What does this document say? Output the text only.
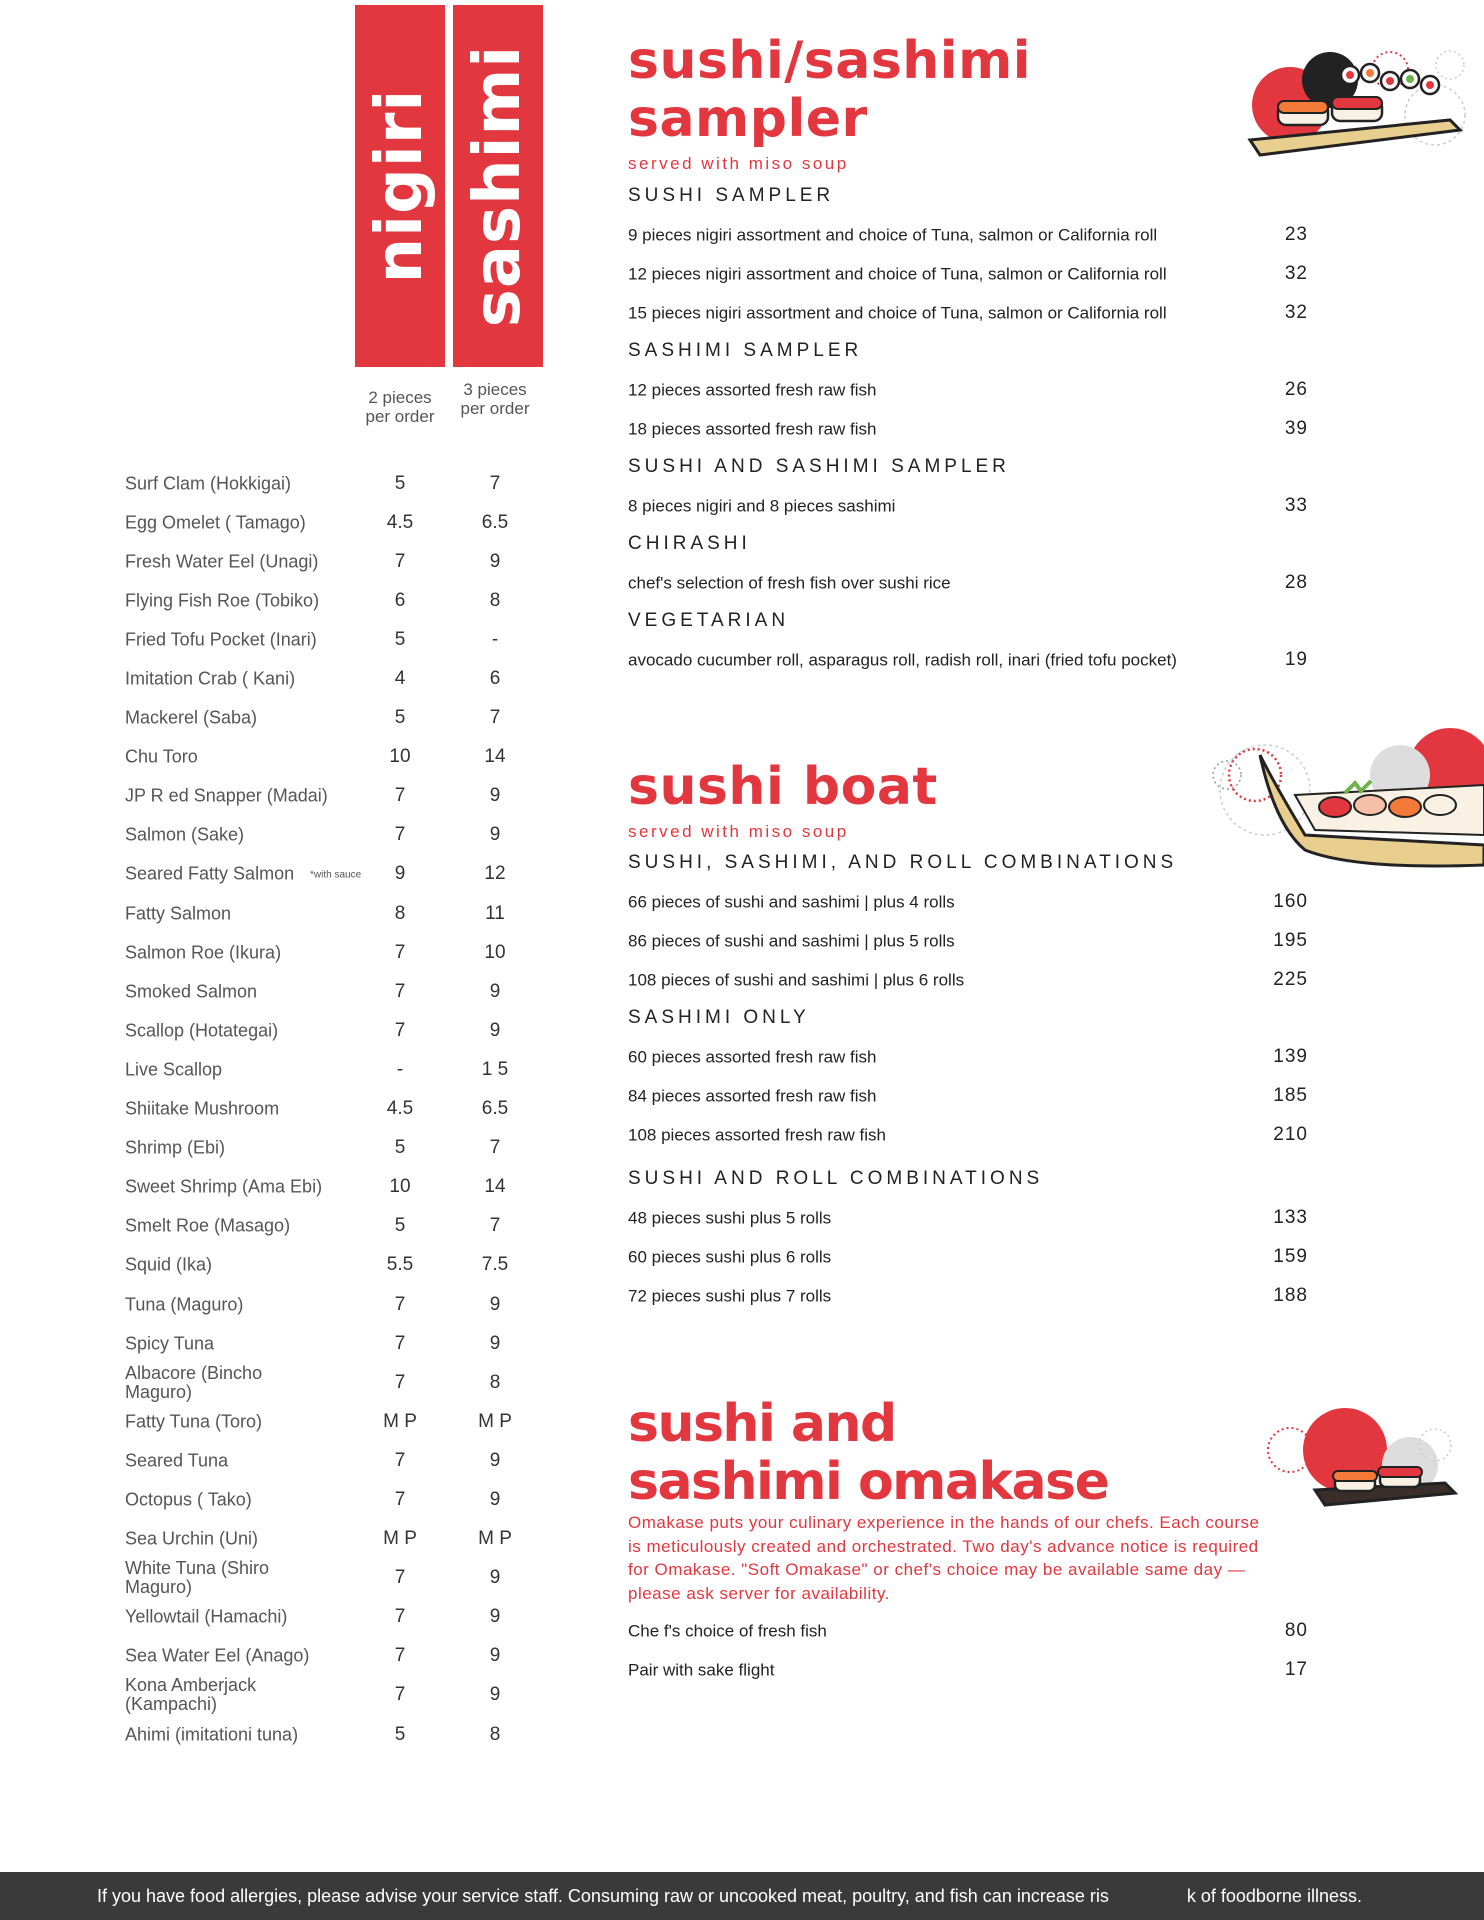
nigiri sashimi
2 pieces per order
3 pieces per order
Surf Clam (Hokkigai)	5	7
Egg Omelet ( Tamago)	4.5	6.5
Fresh Water Eel (Unagi)	7	9
Flying Fish Roe (Tobiko)	6	8
Fried Tofu Pocket (Inari)	5	-
Imitation Crab ( Kani)	4	6
Mackerel (Saba)	5	7
Chu Toro	10	14
JP R ed Snapper (Madai)	7	9
Salmon (Sake)	7	9
Seared Fatty Salmon	*with sauce	9	12
Fatty Salmon	8	11
Salmon Roe (Ikura)	7	10
Smoked Salmon	7	9
Scallop (Hotategai)	7	9
Live Scallop	-	1 5
Shiitake Mushroom	4.5	6.5
Shrimp (Ebi)	5	7
Sweet Shrimp (Ama Ebi)	10	14
Smelt Roe (Masago)	5	7
Squid (Ika)	5.5	7.5
Tuna (Maguro)	7	9
Spicy Tuna	7	9
Albacore (Bincho Maguro)	7	8
Fatty Tuna (Toro)	M P	M P
Seared Tuna	7	9
Octopus ( Tako)	7	9
Sea Urchin (Uni)	M P	M P
White Tuna (Shiro Maguro)	7	9
Yellowtail (Hamachi)	7	9
Sea Water Eel (Anago)	7	9
Kona Amberjack (Kampachi)	7	9
Ahimi (imitationi tuna)	5	8
sushi/sashimi
sampler
served with miso soup
SUSHI SAMPLER
9 pieces nigiri assortment and choice of Tuna, salmon or California roll	23
12 pieces nigiri assortment and choice of Tuna, salmon or California roll	32
15 pieces nigiri assortment and choice of Tuna, salmon or California roll	32
SASHIMI SAMPLER
12 pieces assorted fresh raw fish	26
18 pieces assorted fresh raw fish	39
SUSHI AND SASHIMI SAMPLER
8 pieces nigiri and 8 pieces sashimi	33
CHIRASHI
chef's selection of fresh fish over sushi rice	28
VEGETARIAN
avocado cucumber roll, asparagus roll, radish roll, inari (fried tofu pocket)	19
sushi boat
served with miso soup
SUSHI, SASHIMI, AND ROLL COMBINATIONS
66 pieces of sushi and sashimi | plus 4 rolls	160
86 pieces of sushi and sashimi | plus 5 rolls	195
108 pieces of sushi and sashimi | plus 6 rolls	225
SASHIMI ONLY
60 pieces assorted fresh raw fish	139
84 pieces assorted fresh raw fish	185
108 pieces assorted fresh raw fish	210
SUSHI AND ROLL COMBINATIONS
48 pieces sushi plus 5 rolls	133
60 pieces sushi plus 6 rolls	159
72 pieces sushi plus 7 rolls	188
sushi and
sashimi omakase
Omakase puts your culinary experience in the hands of our chefs. Each course is meticulously created and orchestrated. Two day's advance notice is required for Omakase. "Soft Omakase" or chef's choice may be available same day — please ask server for availability.
Che f's choice of fresh fish	80
Pair with sake flight	17
If you have food allergies, please advise your service staff. Consuming raw or uncooked meat, poultry, and fish can increase ris	k of foodborne illness.
